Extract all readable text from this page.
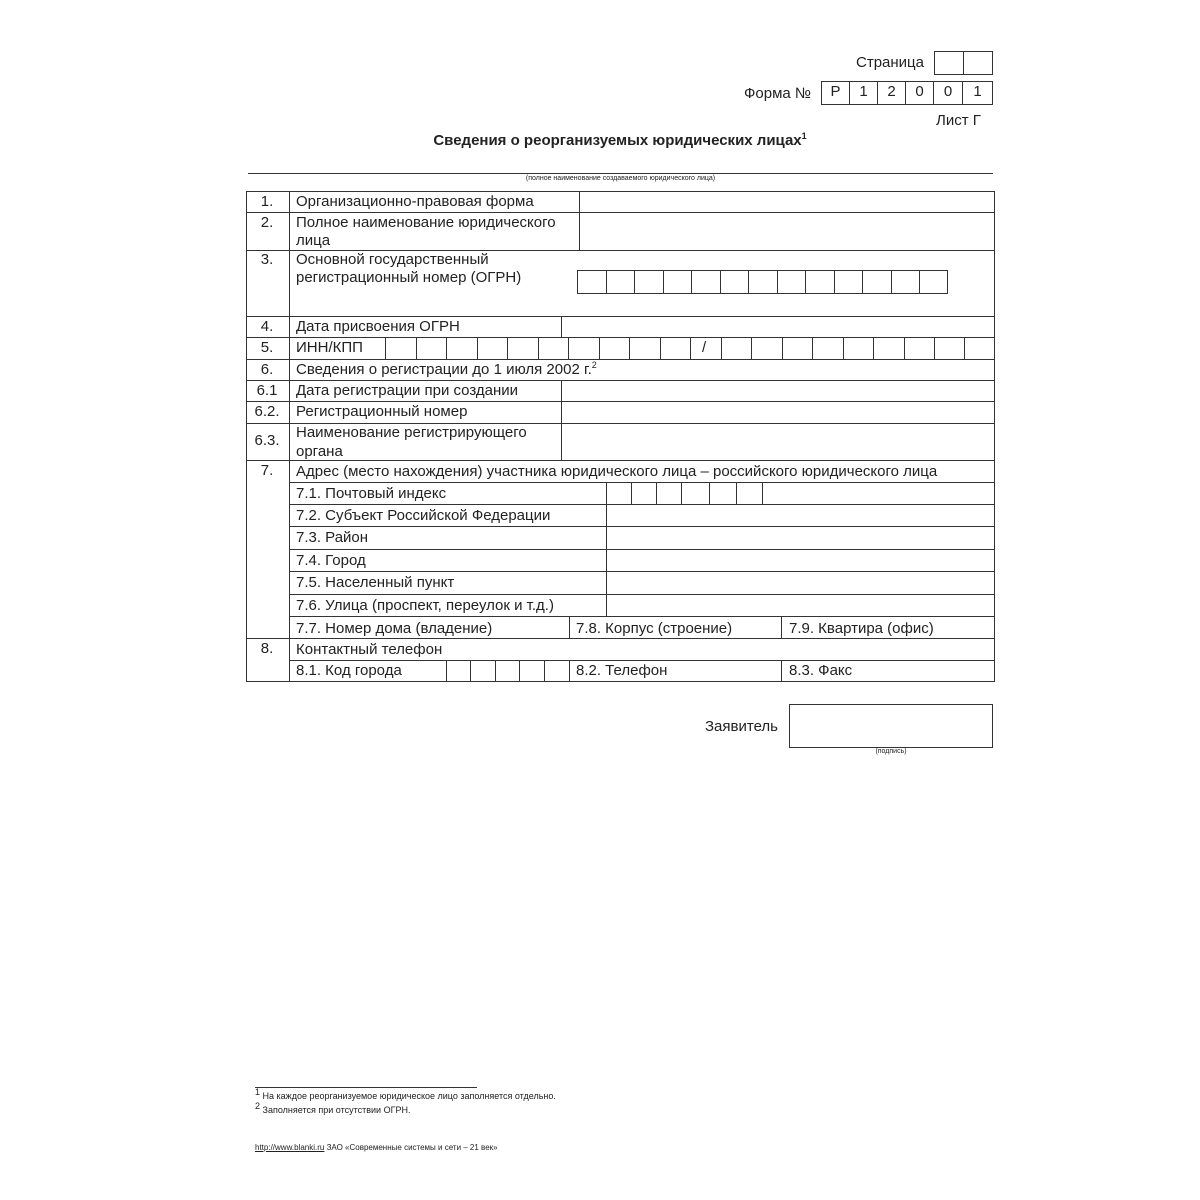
Страница
Форма №	Р	1	2	0	0	1
Лист Г
Сведения о реорганизуемых юридических лицах$^1$
(полное наименование создаваемого юридического лица)
1.	Организационно-правовая форма
2.	Полное наименование юридического
лица
3.	Основной государственный
регистрационный номер (ОГРН)
4.	Дата присвоения ОГРН
5.	ИНН/КПП	/
6.	Сведения о регистрации до 1 июля 2002 г.$^2$
6.1	Дата регистрации при создании
6.2.	Регистрационный номер
6.3.	Наименование регистрирующего
органа
7.	Адрес (место нахождения) участника юридического лица – российского юридического лица
7.1. Почтовый индекс
7.2. Субъект Российской Федерации
7.3. Район
7.4. Город
7.5. Населенный пункт
7.6. Улица (проспект, переулок и т.д.)
7.7. Номер дома (владение)	7.8. Корпус (строение)	7.9. Квартира (офис)
8.	Контактный телефон
8.1. Код города	8.2. Телефон	8.3. Факс
Заявитель
(подпись)
$^1$ На каждое реорганизуемое юридическое лицо заполняется отдельно.
$^2$ Заполняется при отсутствии ОГРН.
http://www.blanki.ru ЗАО «Современные системы и сети – 21 век»
